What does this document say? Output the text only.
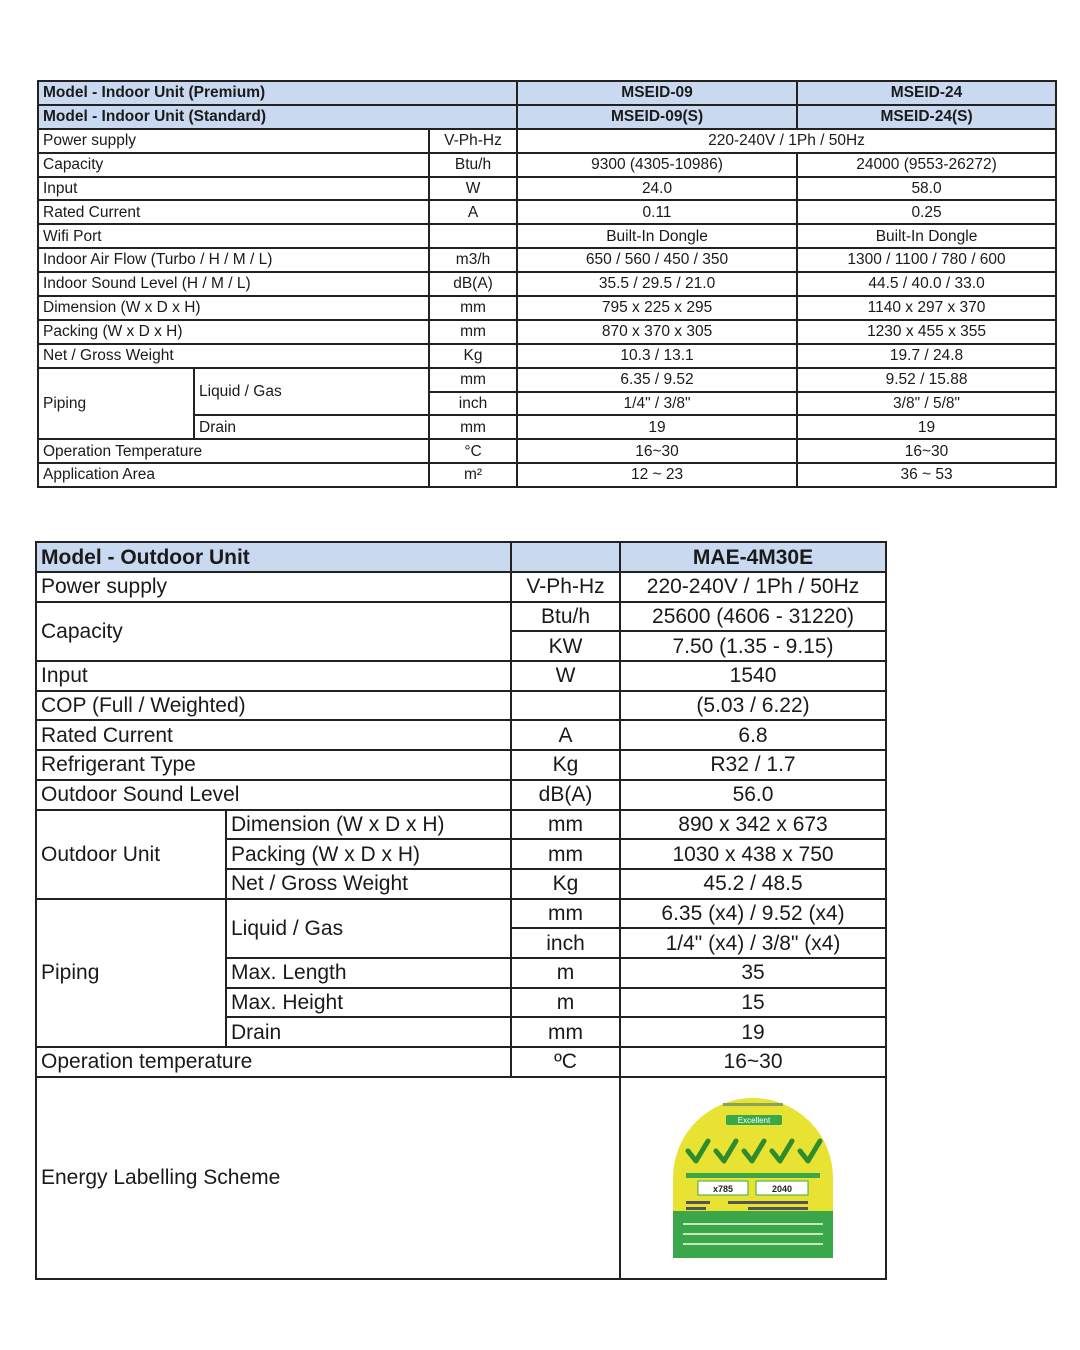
Model - Indoor Unit (Premium)			MSEID-09	MSEID-24
Model - Indoor Unit (Standard)			MSEID-09(S)	MSEID-24(S)
Power supply		V-Ph-Hz	220-240V / 1Ph / 50Hz	
Capacity		Btu/h	9300 (4305-10986)	24000 (9553-26272)
Input		W	24.0	58.0
Rated Current		A	0.11	0.25
Wifi Port			Built-In Dongle	Built-In Dongle
Indoor Air Flow (Turbo / H / M / L)		m3/h	650 / 560 / 450 / 350	1300 / 1100 / 780 / 600
Indoor Sound Level (H / M / L)		dB(A)	35.5 / 29.5 / 21.0	44.5 / 40.0 / 33.0
Dimension (W x D x H)		mm	795 x 225 x 295	1140 x 297 x 370
Packing (W x D x H)		mm	870 x 370 x 305	1230 x 455 x 355
Net / Gross Weight		Kg	10.3 / 13.1	19.7 / 24.8
Piping	Liquid / Gas	mm	6.35 / 9.52	9.52 / 15.88
		inch	1/4" / 3/8"	3/8" / 5/8"
	Drain	mm	19	19
Operation Temperature		°C	16~30	16~30
Application Area		m²	12 ~ 23	36 ~ 53
Model - Outdoor Unit			MAE-4M30E
Power supply		V-Ph-Hz	220-240V / 1Ph / 50Hz
Capacity		Btu/h	25600 (4606 - 31220)
		KW	7.50 (1.35 - 9.15)
Input		W	1540
COP (Full / Weighted)			(5.03 / 6.22)
Rated Current		A	6.8
Refrigerant Type		Kg	R32 / 1.7
Outdoor Sound Level		dB(A)	56.0
Outdoor Unit	Dimension (W x D x H)	mm	890 x 342 x 673
	Packing (W x D x H)	mm	1030 x 438 x 750
	Net / Gross Weight	Kg	45.2 / 48.5
Piping	Liquid / Gas	mm	6.35 (x4) / 9.52 (x4)
		inch	1/4" (x4) / 3/8" (x4)
	Max. Length	m	35
	Max. Height	m	15
	Drain	mm	19
Operation temperature		ºC	16~30
Energy Labelling Scheme			Excellent
x785 2040
